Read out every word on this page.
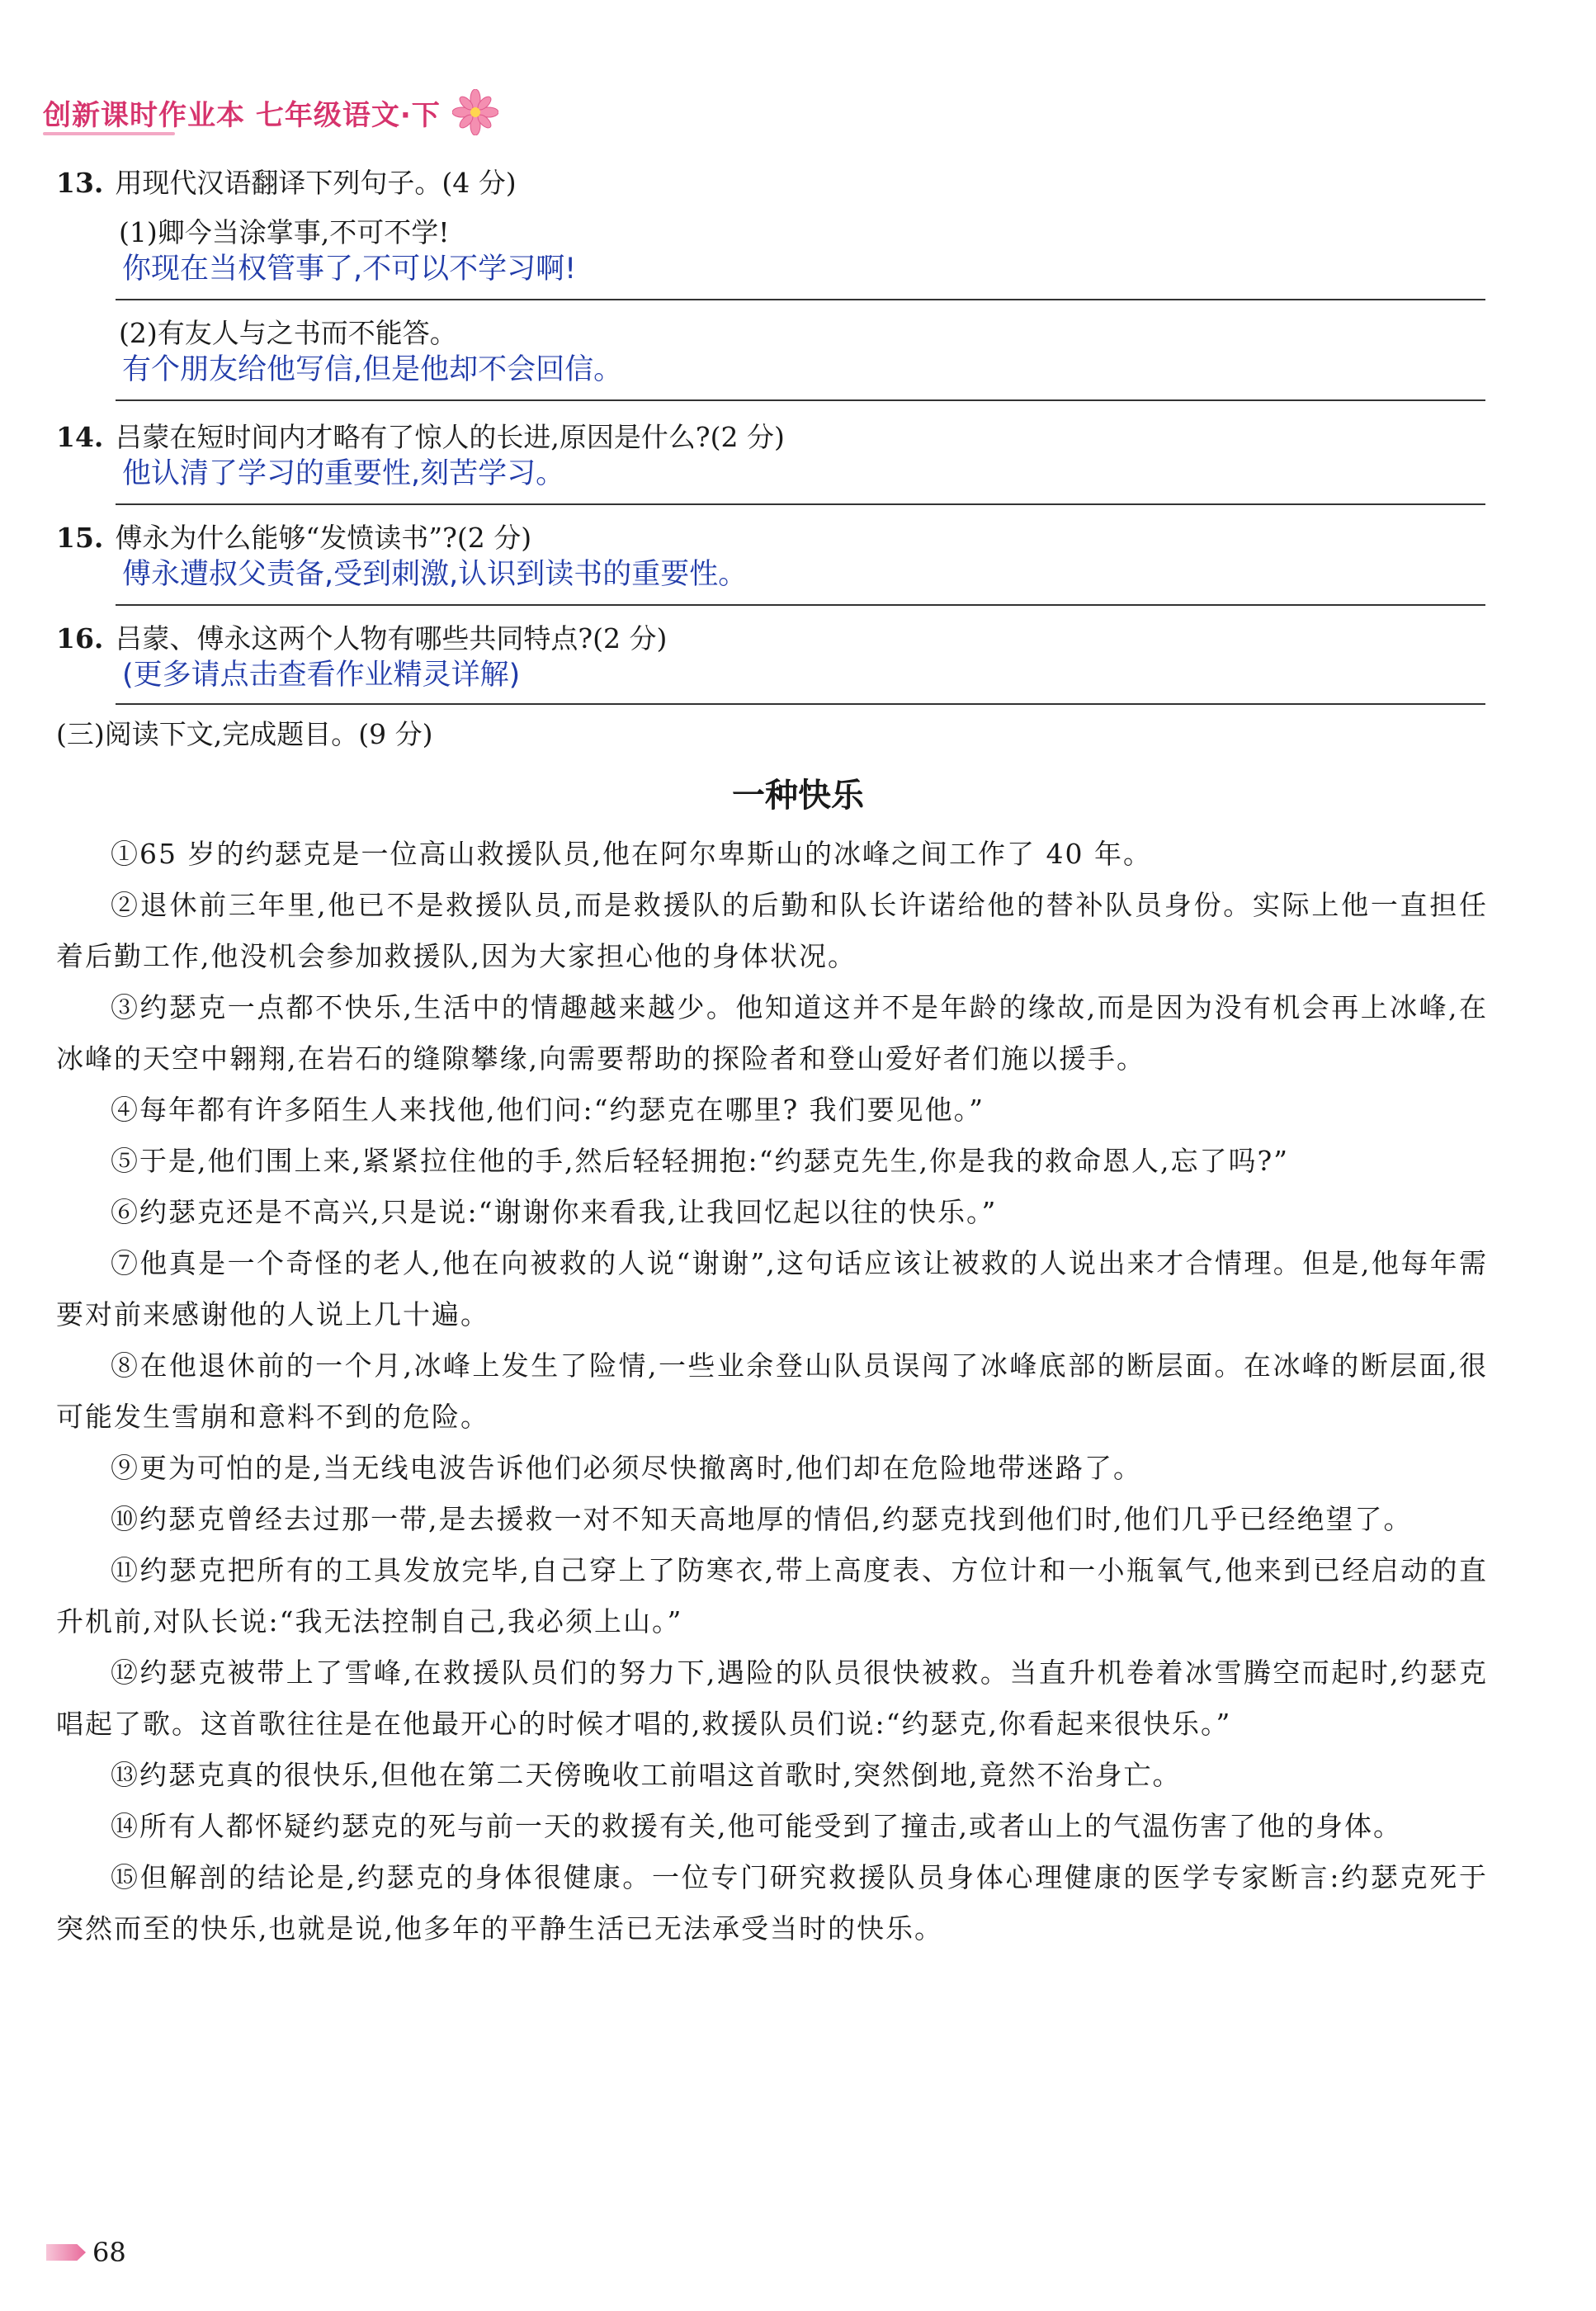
创新课时作业本 七年级语文·下
13. 用现代汉语翻译下列句子。(4 分)
(1)卿今当涂掌事,不可不学!
你现在当权管事了,不可以不学习啊!
(2)有友人与之书而不能答。
有个朋友给他写信,但是他却不会回信。
14. 吕蒙在短时间内才略有了惊人的长进,原因是什么?(2 分)
他认清了学习的重要性,刻苦学习。
15. 傅永为什么能够“发愤读书”?(2 分)
傅永遭叔父责备,受到刺激,认识到读书的重要性。
16. 吕蒙、傅永这两个人物有哪些共同特点?(2 分)
(更多请点击查看作业精灵详解)
(三)阅读下文,完成题目。(9 分)
一种快乐

①65 岁的约瑟克是一位高山救援队员,他在阿尔卑斯山的冰峰之间工作了 40 年。

②退休前三年里,他已不是救援队员,而是救援队的后勤和队长许诺给他的替补队员身份。实际上他一直担任着后勤工作,他没机会参加救援队,因为大家担心他的身体状况。

③约瑟克一点都不快乐,生活中的情趣越来越少。他知道这并不是年龄的缘故,而是因为没有机会再上冰峰,在冰峰的天空中翱翔,在岩石的缝隙攀缘,向需要帮助的探险者和登山爱好者们施以援手。

④每年都有许多陌生人来找他,他们问:“约瑟克在哪里? 我们要见他。”

⑤于是,他们围上来,紧紧拉住他的手,然后轻轻拥抱:“约瑟克先生,你是我的救命恩人,忘了吗?”

⑥约瑟克还是不高兴,只是说:“谢谢你来看我,让我回忆起以往的快乐。”

⑦他真是一个奇怪的老人,他在向被救的人说“谢谢”,这句话应该让被救的人说出来才合情理。但是,他每年需要对前来感谢他的人说上几十遍。

⑧在他退休前的一个月,冰峰上发生了险情,一些业余登山队员误闯了冰峰底部的断层面。在冰峰的断层面,很可能发生雪崩和意料不到的危险。

⑨更为可怕的是,当无线电波告诉他们必须尽快撤离时,他们却在危险地带迷路了。

⑩约瑟克曾经去过那一带,是去援救一对不知天高地厚的情侣,约瑟克找到他们时,他们几乎已经绝望了。

⑪约瑟克把所有的工具发放完毕,自己穿上了防寒衣,带上高度表、方位计和一小瓶氧气,他来到已经启动的直升机前,对队长说:“我无法控制自己,我必须上山。”

⑫约瑟克被带上了雪峰,在救援队员们的努力下,遇险的队员很快被救。当直升机卷着冰雪腾空而起时,约瑟克唱起了歌。这首歌往往是在他最开心的时候才唱的,救援队员们说:“约瑟克,你看起来很快乐。”

⑬约瑟克真的很快乐,但他在第二天傍晚收工前唱这首歌时,突然倒地,竟然不治身亡。

⑭所有人都怀疑约瑟克的死与前一天的救援有关,他可能受到了撞击,或者山上的气温伤害了他的身体。

⑮但解剖的结论是,约瑟克的身体很健康。一位专门研究救援队员身体心理健康的医学专家断言:约瑟克死于突然而至的快乐,也就是说,他多年的平静生活已无法承受当时的快乐。

68
